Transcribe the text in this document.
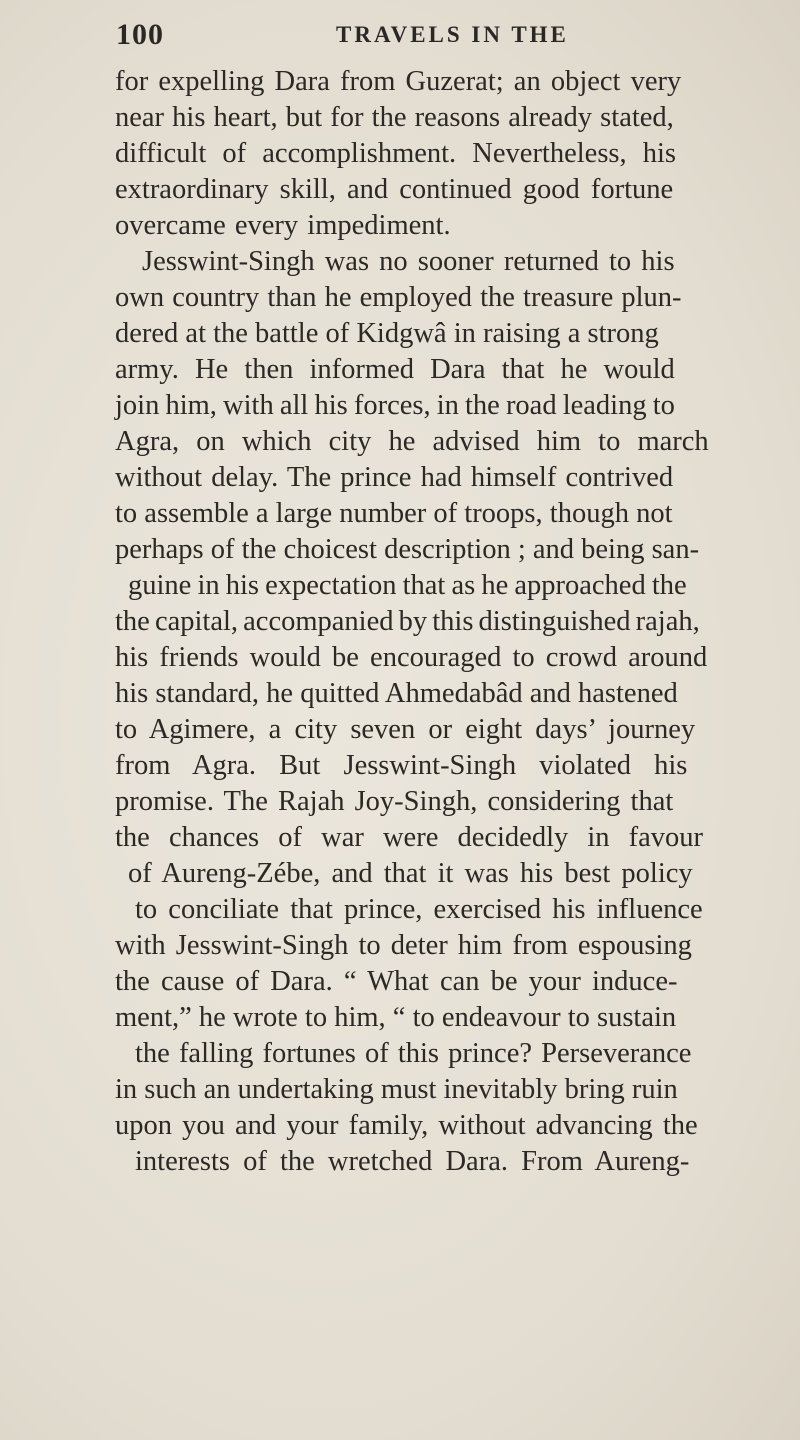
100	TRAVELS IN THE
for expelling Dara from Guzerat; an object very
near his heart, but for the reasons already stated,
difficult of accomplishment. Nevertheless, his
extraordinary skill, and continued good fortune
overcame every impediment.
Jesswint-Singh was no sooner returned to his
own country than he employed the treasure plun-
dered at the battle of Kidgwâ in raising a strong
army. He then informed Dara that he would
join him, with all his forces, in the road leading to
Agra, on which city he advised him to march
without delay. The prince had himself contrived
to assemble a large number of troops, though not
perhaps of the choicest description ; and being san-
guine in his expectation that as he approached the
the capital, accompanied by this distinguished rajah,
his friends would be encouraged to crowd around
his standard, he quitted Ahmedabâd and hastened
to Agimere, a city seven or eight days’ journey
from Agra. But Jesswint-Singh violated his
promise. The Rajah Joy-Singh, considering that
the chances of war were decidedly in favour
of Aureng-Zébe, and that it was his best policy
to conciliate that prince, exercised his influence
with Jesswint-Singh to deter him from espousing
the cause of Dara. “ What can be your induce-
ment,” he wrote to him, “ to endeavour to sustain
the falling fortunes of this prince? Perseverance
in such an undertaking must inevitably bring ruin
upon you and your family, without advancing the
interests of the wretched Dara. From Aureng-
